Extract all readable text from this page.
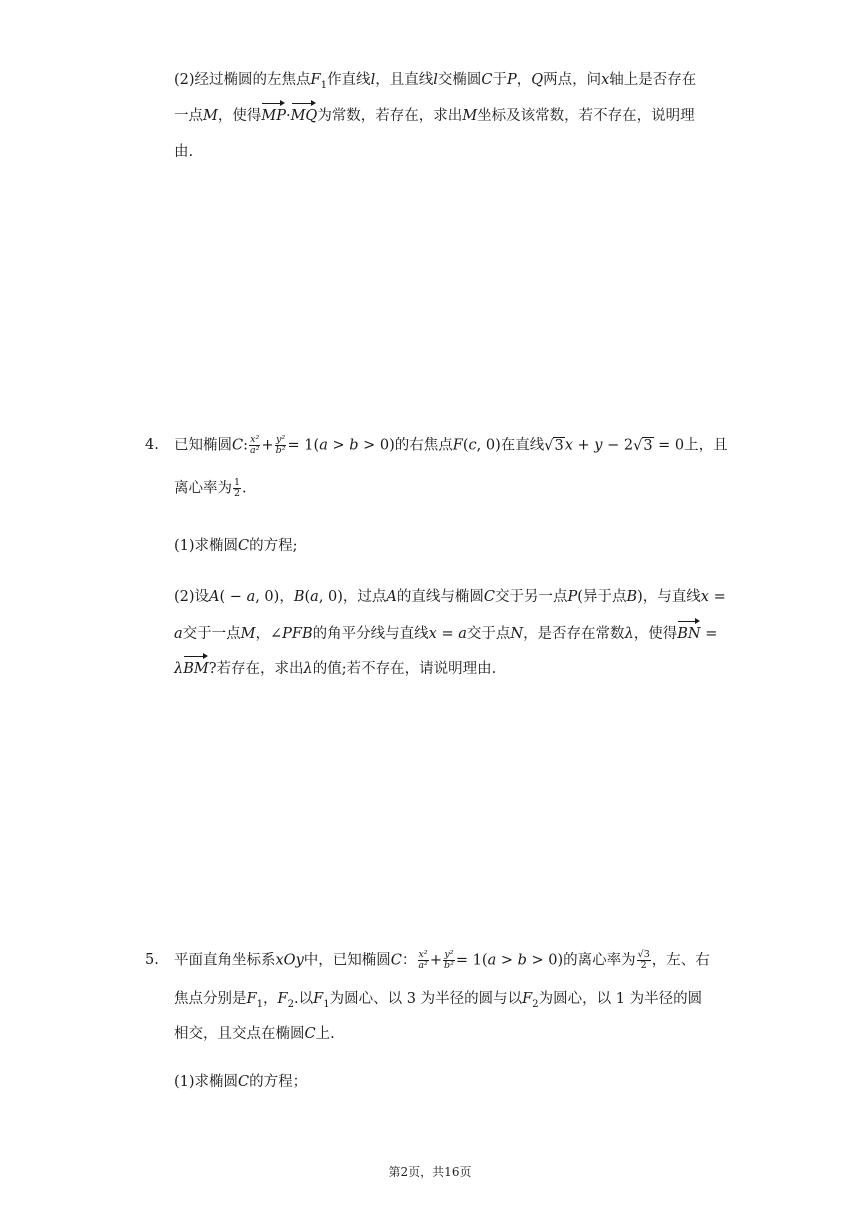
(2)经过椭圆的左焦点$F_1$作直线l，且直线l交椭圆C于P，Q两点，问x轴上是否存在
一点M，使得MP·MQ为常数，若存在，求出M坐标及该常数，若不存在，说明理
由.
4. 已知椭圆C: $\frac{\text{x²}}{\text{a²}} + \frac{\text{y²}}{\text{b²}} = 1(a > b > 0)$的右焦点F(c, 0)在直线√3x + y − 2√3 = 0上，且
离心率为 $\frac{1}{2}$ .
(1)求椭圆C的方程;
(2)设A( − a, 0)，B(a, 0)，过点A的直线与椭圆C交于另一点P(异于点B)，与直线x =
a交于一点M，∠PFB的角平分线与直线x = a交于点N，是否存在常数λ，使得BN =
λBM?若存在，求出λ的值;若不存在，请说明理由.
5. 平面直角坐标系xOy中，已知椭圆C： $\frac{\text{x²}}{\text{a²}} + \frac{\text{y²}}{\text{b²}} = 1(a > b > 0)$的离心率为 $\frac{√3}{2}$ ，左、右
焦点分别是$F_1$，$F_2$.以$F_1$为圆心、以 3 为半径的圆与以$F_2$为圆心，以 1 为半径的圆
相交，且交点在椭圆C上.
(1)求椭圆C的方程；
第2页，共16页
